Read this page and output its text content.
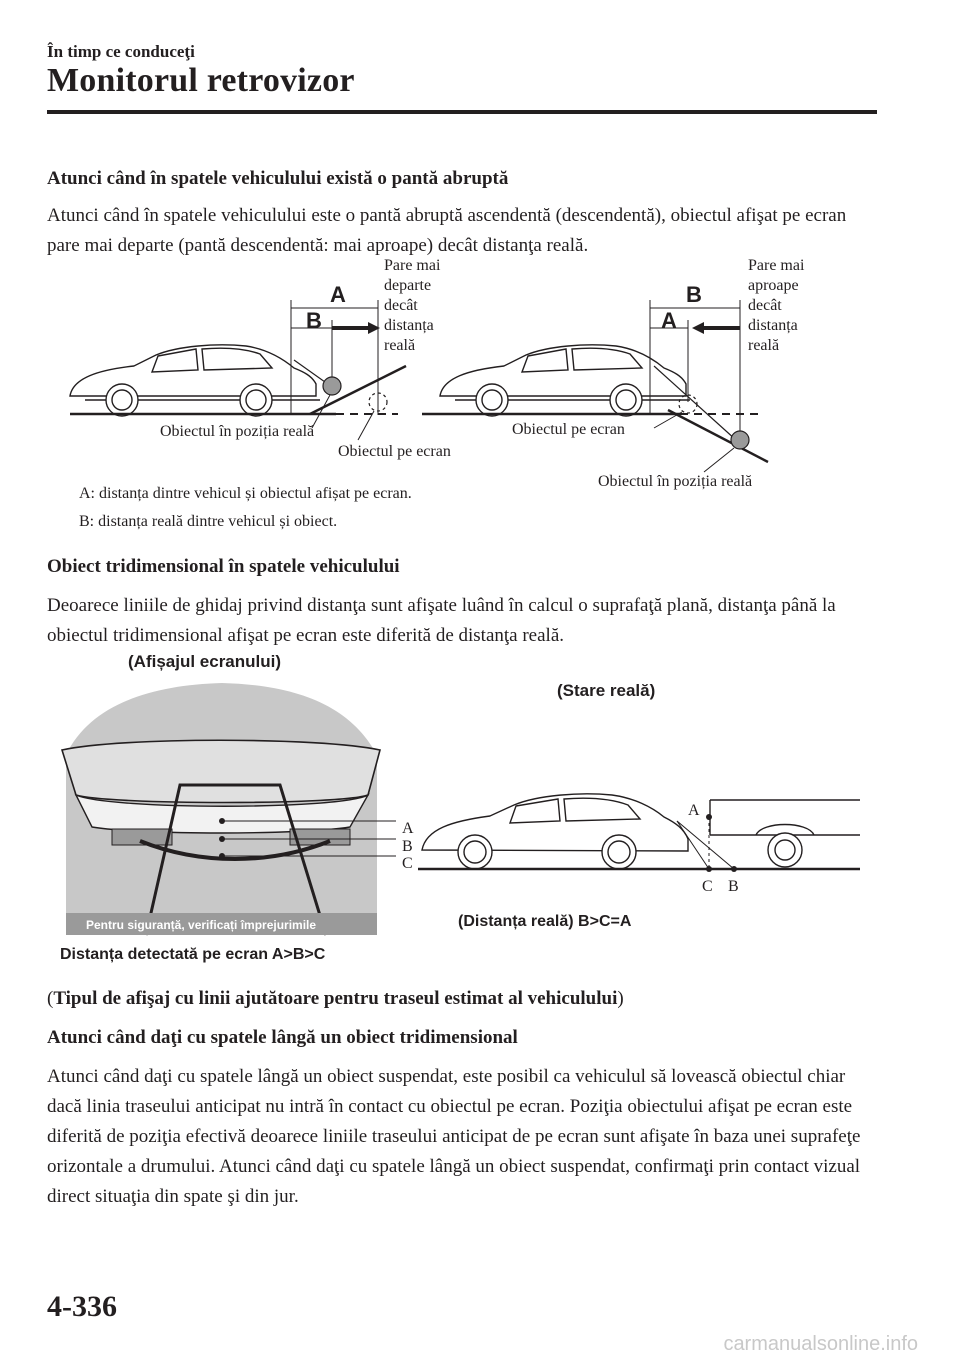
În timp ce conduceţi
Monitorul retrovizor
Atunci când în spatele vehiculului există o pantă abruptă
Atunci când în spatele vehiculului este o pantă abruptă ascendentă (descendentă), obiectul afişat pe ecran pare mai departe (pantă descendentă: mai aproape) decât distanţa reală.
A
B
Pare mai
departe
decât
distanța
reală
Obiectul în poziția reală
Obiectul pe ecran
B
A
Pare mai
aproape
decât
distanța
reală
Obiectul pe ecran
Obiectul în poziția reală
A: distanța dintre vehicul și obiectul afișat pe ecran.
B: distanța reală dintre vehicul și obiect.
Obiect tridimensional în spatele vehiculului
Deoarece liniile de ghidaj privind distanţa sunt afişate luând în calcul o suprafaţă plană, distanţa până la obiectul tridimensional afişat pe ecran este diferită de distanţa reală.
(Afișajul ecranului)
(Stare reală)
Pentru siguranță, verificați împrejurimile
A
B
C
A
C B
(Distanța reală) B>C=A
Distanța detectată pe ecran A>B>C
(Tipul de afişaj cu linii ajutătoare pentru traseul estimat al vehiculului)
Atunci când daţi cu spatele lângă un obiect tridimensional
Atunci când daţi cu spatele lângă un obiect suspendat, este posibil ca vehiculul să lovească obiectul chiar dacă linia traseului anticipat nu intră în contact cu obiectul pe ecran. Poziţia obiectului afişat pe ecran este diferită de poziţia efectivă deoarece liniile traseului anticipat de pe ecran sunt afişate în baza unei suprafeţe orizontale a drumului. Atunci când daţi cu spatele lângă un obiect suspendat, confirmaţi prin contact vizual direct situaţia din spate şi din jur.
4-336
carmanualsonline.info
